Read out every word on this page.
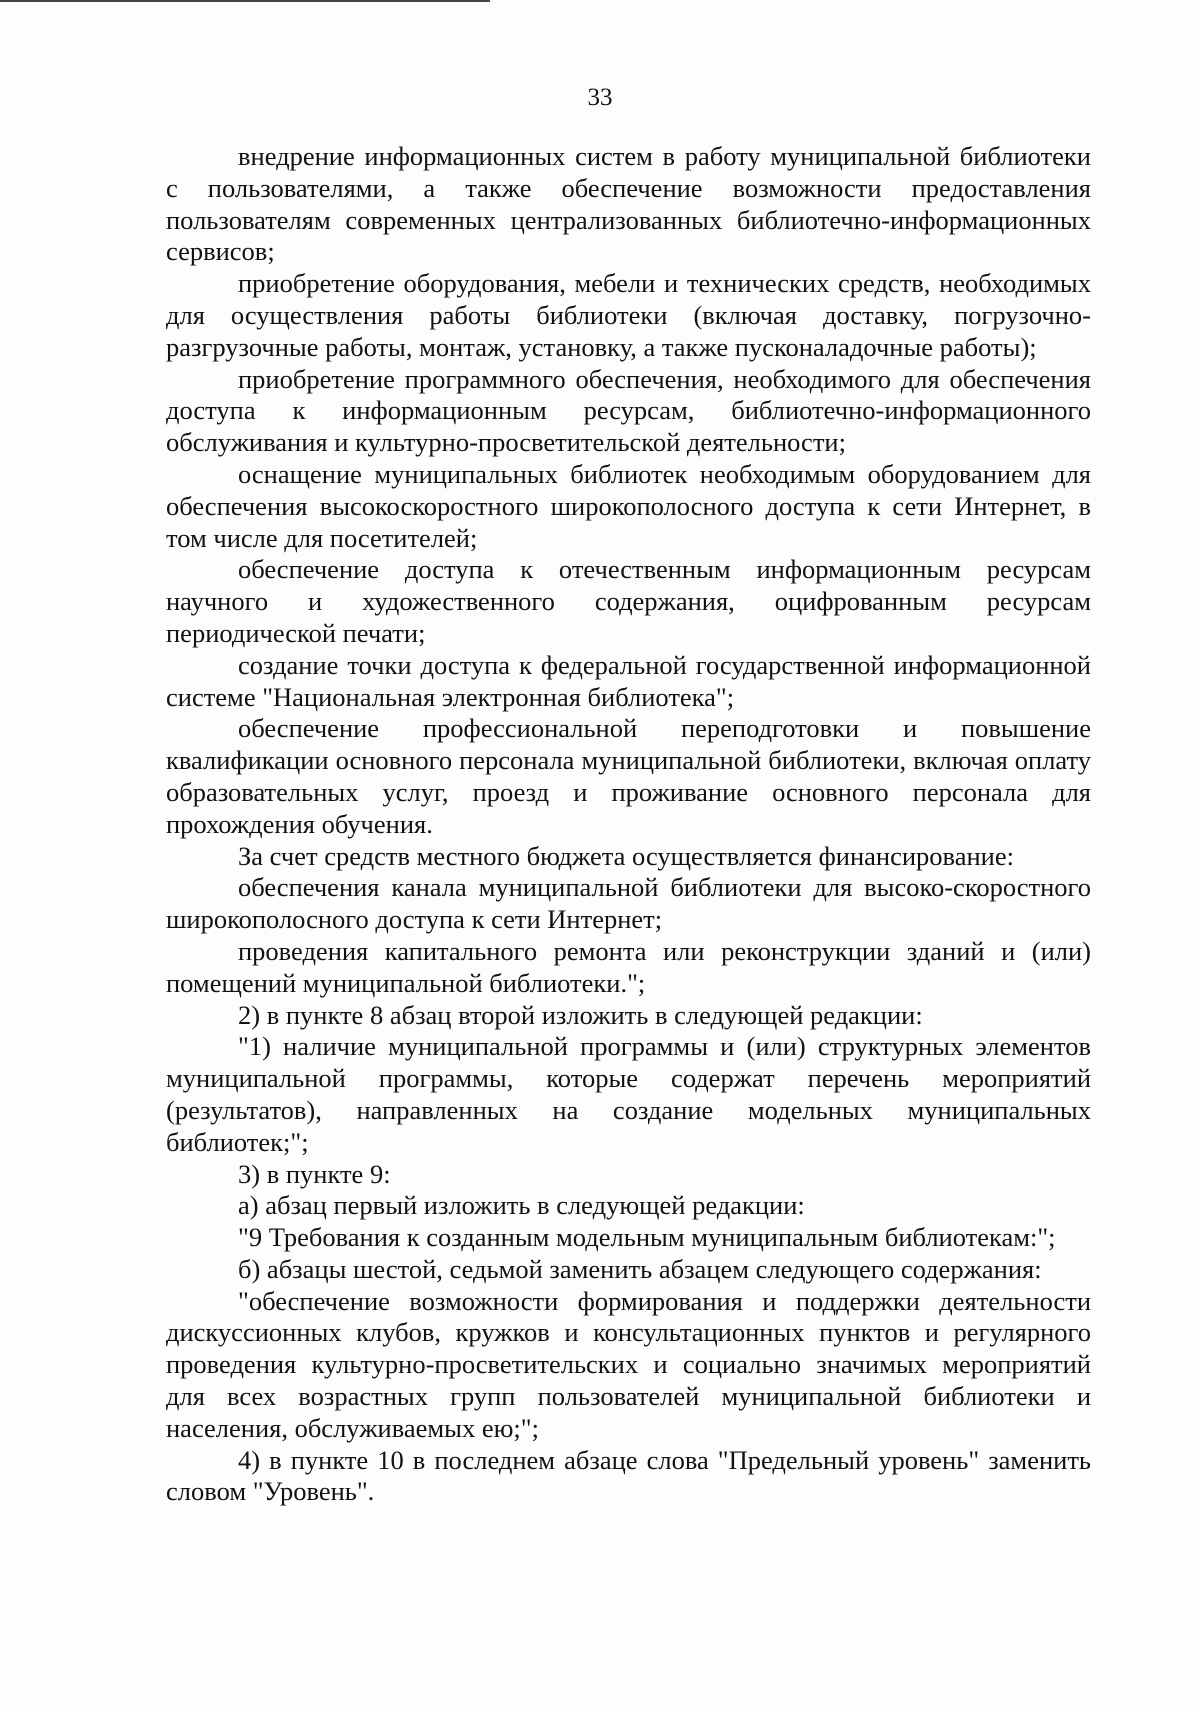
33

внедрение информационных систем в работу муниципальной библиотеки с пользователями, а также обеспечение возможности предоставления пользователям современных централизованных библиотечно-информационных сервисов;

приобретение оборудования, мебели и технических средств, необходимых для осуществления работы библиотеки (включая доставку, погрузочно-разгрузочные работы, монтаж, установку, а также пусконаладочные работы);

приобретение программного обеспечения, необходимого для обеспечения доступа к информационным ресурсам, библиотечно-информационного обслуживания и культурно-просветительской деятельности;

оснащение муниципальных библиотек необходимым оборудованием для обеспечения высокоскоростного широкополосного доступа к сети Интернет, в том числе для посетителей;

обеспечение доступа к отечественным информационным ресурсам научного и художественного содержания, оцифрованным ресурсам периодической печати;

создание точки доступа к федеральной государственной информационной системе "Национальная электронная библиотека";

обеспечение профессиональной переподготовки и повышение квалификации основного персонала муниципальной библиотеки, включая оплату образовательных услуг, проезд и проживание основного персонала для прохождения обучения.

За счет средств местного бюджета осуществляется финансирование:

обеспечения канала муниципальной библиотеки для высоко-скоростного широкополосного доступа к сети Интернет;

проведения капитального ремонта или реконструкции зданий и (или) помещений муниципальной библиотеки.";

2) в пункте 8 абзац второй изложить в следующей редакции:

"1) наличие муниципальной программы и (или) структурных элементов муниципальной программы, которые содержат перечень мероприятий (результатов), направленных на создание модельных муниципальных библиотек;";

3) в пункте 9:

а) абзац первый изложить в следующей редакции:

"9 Требования к созданным модельным муниципальным библиотекам:";

б) абзацы шестой, седьмой заменить абзацем следующего содержания:

"обеспечение возможности формирования и поддержки деятельности дискуссионных клубов, кружков и консультационных пунктов и регулярного проведения культурно-просветительских и социально значимых мероприятий для всех возрастных групп пользователей муниципальной библиотеки и населения, обслуживаемых ею;";

4) в пункте 10 в последнем абзаце слова "Предельный уровень" заменить словом "Уровень".
